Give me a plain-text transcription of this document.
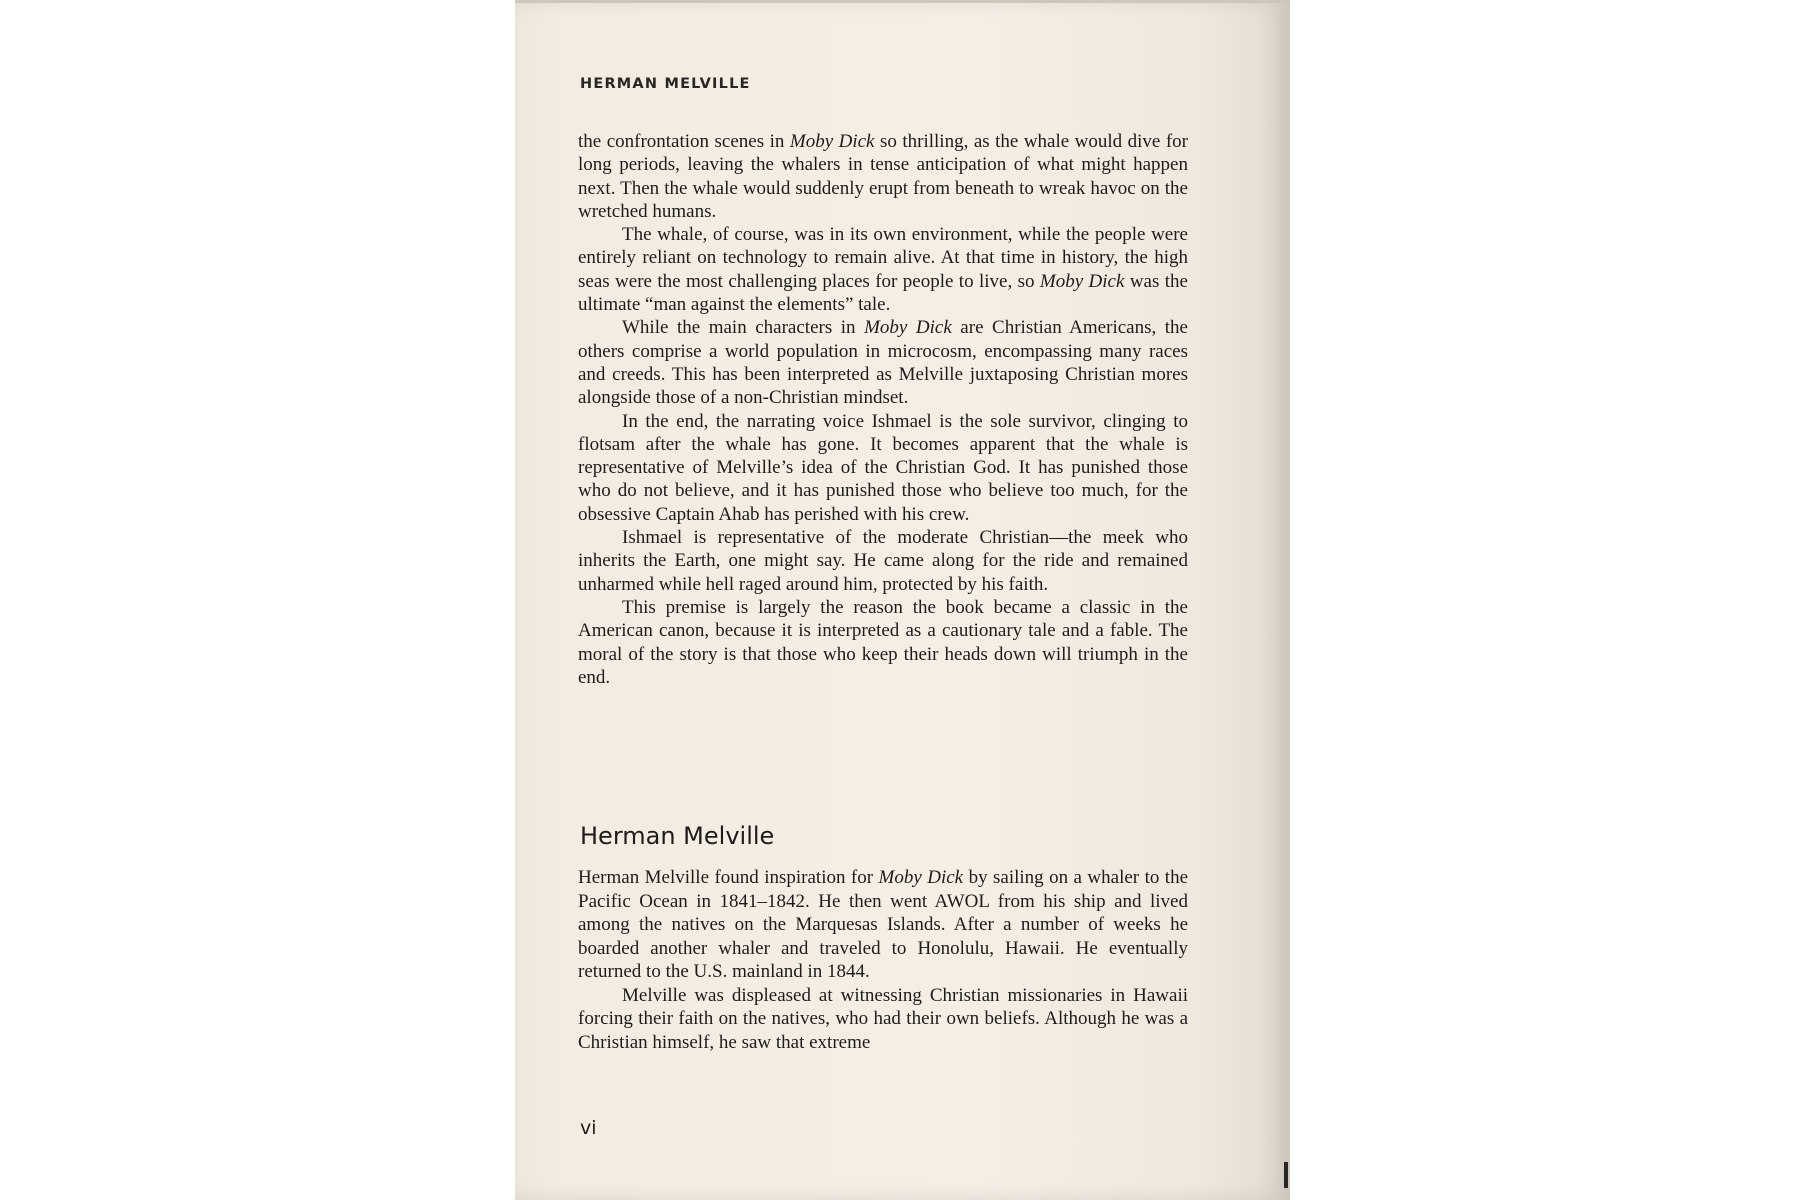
HERMAN MELVILLE

the confrontation scenes in Moby Dick so thrilling, as the whale would dive for long periods, leaving the whalers in tense anticipation of what might happen next. Then the whale would suddenly erupt from beneath to wreak havoc on the wretched humans.

The whale, of course, was in its own environment, while the people were entirely reliant on technology to remain alive. At that time in history, the high seas were the most challenging places for people to live, so Moby Dick was the ultimate “man against the elements” tale.

While the main characters in Moby Dick are Christian Americans, the others comprise a world population in microcosm, encompassing many races and creeds. This has been interpreted as Melville juxtaposing Christian mores alongside those of a non-Christian mindset.

In the end, the narrating voice Ishmael is the sole survivor, clinging to flotsam after the whale has gone. It becomes apparent that the whale is representative of Melville’s idea of the Christian God. It has punished those who do not believe, and it has punished those who believe too much, for the obsessive Captain Ahab has perished with his crew.

Ishmael is representative of the moderate Christian—the meek who inherits the Earth, one might say. He came along for the ride and remained unharmed while hell raged around him, protected by his faith.

This premise is largely the reason the book became a classic in the American canon, because it is interpreted as a cautionary tale and a fable. The moral of the story is that those who keep their heads down will triumph in the end.

Herman Melville

Herman Melville found inspiration for Moby Dick by sailing on a whaler to the Pacific Ocean in 1841–1842. He then went AWOL from his ship and lived among the natives on the Marquesas Islands. After a number of weeks he boarded another whaler and traveled to Honolulu, Hawaii. He eventually returned to the U.S. mainland in 1844.

Melville was displeased at witnessing Christian missionaries in Hawaii forcing their faith on the natives, who had their own beliefs. Although he was a Christian himself, he saw that extreme

vi
